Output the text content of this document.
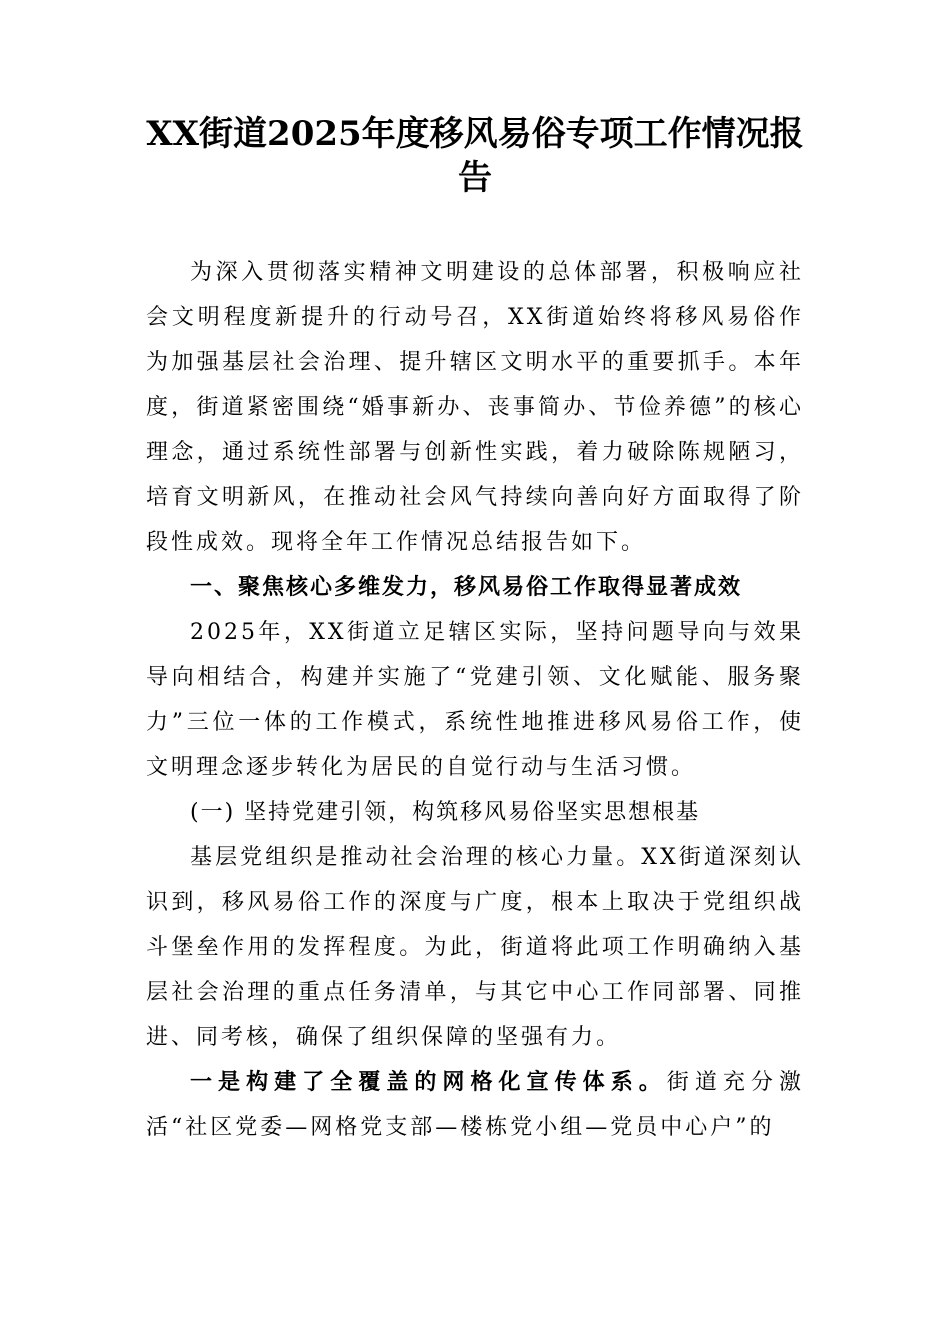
XX街道2025年度移风易俗专项工作情况报告

为深入贯彻落实精神文明建设的总体部署，积极响应社会文明程度新提升的行动号召，XX街道始终将移风易俗作为加强基层社会治理、提升辖区文明水平的重要抓手。本年度，街道紧密围绕“婚事新办、丧事简办、节俭养德”的核心理念，通过系统性部署与创新性实践，着力破除陈规陋习，培育文明新风，在推动社会风气持续向善向好方面取得了阶段性成效。现将全年工作情况总结报告如下。

一、聚焦核心多维发力，移风易俗工作取得显著成效

2025年，XX街道立足辖区实际，坚持问题导向与效果导向相结合，构建并实施了“党建引领、文化赋能、服务聚力”三位一体的工作模式，系统性地推进移风易俗工作，使文明理念逐步转化为居民的自觉行动与生活习惯。

(一) 坚持党建引领，构筑移风易俗坚实思想根基

基层党组织是推动社会治理的核心力量。XX街道深刻认识到，移风易俗工作的深度与广度，根本上取决于党组织战斗堡垒作用的发挥程度。为此，街道将此项工作明确纳入基层社会治理的重点任务清单，与其它中心工作同部署、同推进、同考核，确保了组织保障的坚强有力。

一是构建了全覆盖的网格化宣传体系。街道充分激活“社区党委—网格党支部—楼栋党小组—党员中心户”的
